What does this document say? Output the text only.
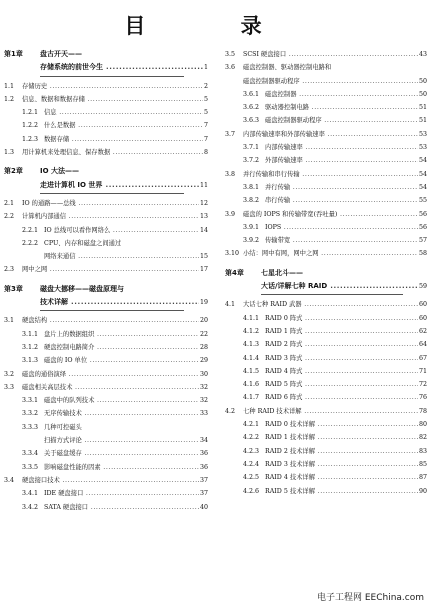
目 录
第1章 盘古开天——
存储系统的前世今生 .....	1
1.1 存储历史 .....	2
1.2 信息、数据和数据存储 .....	5
1.2.1 信息 .....	5
1.2.2 什么是数据 .....	7
1.2.3 数据存储 .....	7
1.3 用计算机来处理信息、保存数据 .....	8
第2章 IO 大法——
走进计算机 IO 世界 .....	11
2.1 IO 的通路——总线 .....	12
2.2 计算机内部通信 .....	13
2.2.1 IO 总线可以看作网络么 .....	14
2.2.2 CPU、内存和磁盘之间通过
网络来通信 .....	15
2.3 网中之网 .....	17
第3章 磁盘大挪移——磁盘原理与
技术详解 .....	19
3.1 硬盘结构 .....	20
3.1.1 盘片上的数据组织 .....	22
3.1.2 硬盘控制电路简介 .....	28
3.1.3 磁盘的 IO 单位 .....	29
3.2 磁盘的通俗演绎 .....	30
3.3 磁盘相关高层技术 .....	32
3.3.1 磁盘中的队列技术 .....	32
3.3.2 无序传输技术 .....	33
3.3.3 几种可控磁头
扫描方式评论 .....	34
3.3.4 关于磁盘缓存 .....	36
3.3.5 影响磁盘性能的因素 .....	36
3.4 硬盘接口技术 .....	37
3.4.1 IDE 硬盘接口 .....	37
3.4.2 SATA 硬盘接口 .....	40
3.5 SCSI 硬盘接口 .....	43
3.6 磁盘控制器、驱动器控制电路和
磁盘控制器驱动程序 .....	50
3.6.1 磁盘控制器 .....	50
3.6.2 驱动器控制电路 .....	51
3.6.3 磁盘控制器驱动程序 .....	51
3.7 内部传输速率和外部传输速率 .....	53
3.7.1 内部传输速率 .....	53
3.7.2 外部传输速率 .....	54
3.8 并行传输和串行传输 .....	54
3.8.1 并行传输 .....	54
3.8.2 串行传输 .....	55
3.9 磁盘的 IOPS 和传输带宽(吞吐量) .....	56
3.9.1 IOPS .....	56
3.9.2 传输带宽 .....	57
3.10 小结：网中有网，网中之网 .....	58
第4章 七星北斗——
大话/详解七种 RAID .....	59
4.1 大话七种 RAID 武器 .....	60
4.1.1 RAID 0 阵式 .....	60
4.1.2 RAID 1 阵式 .....	62
4.1.3 RAID 2 阵式 .....	64
4.1.4 RAID 3 阵式 .....	67
4.1.5 RAID 4 阵式 .....	71
4.1.6 RAID 5 阵式 .....	72
4.1.7 RAID 6 阵式 .....	76
4.2 七种 RAID 技术详解 .....	78
4.2.1 RAID 0 技术详解 .....	80
4.2.2 RAID 1 技术详解 .....	82
4.2.3 RAID 2 技术详解 .....	83
4.2.4 RAID 3 技术详解 .....	85
4.2.5 RAID 4 技术详解 .....	87
4.2.6 RAID 5 技术详解 .....	90
电子工程网 EEChina.com
